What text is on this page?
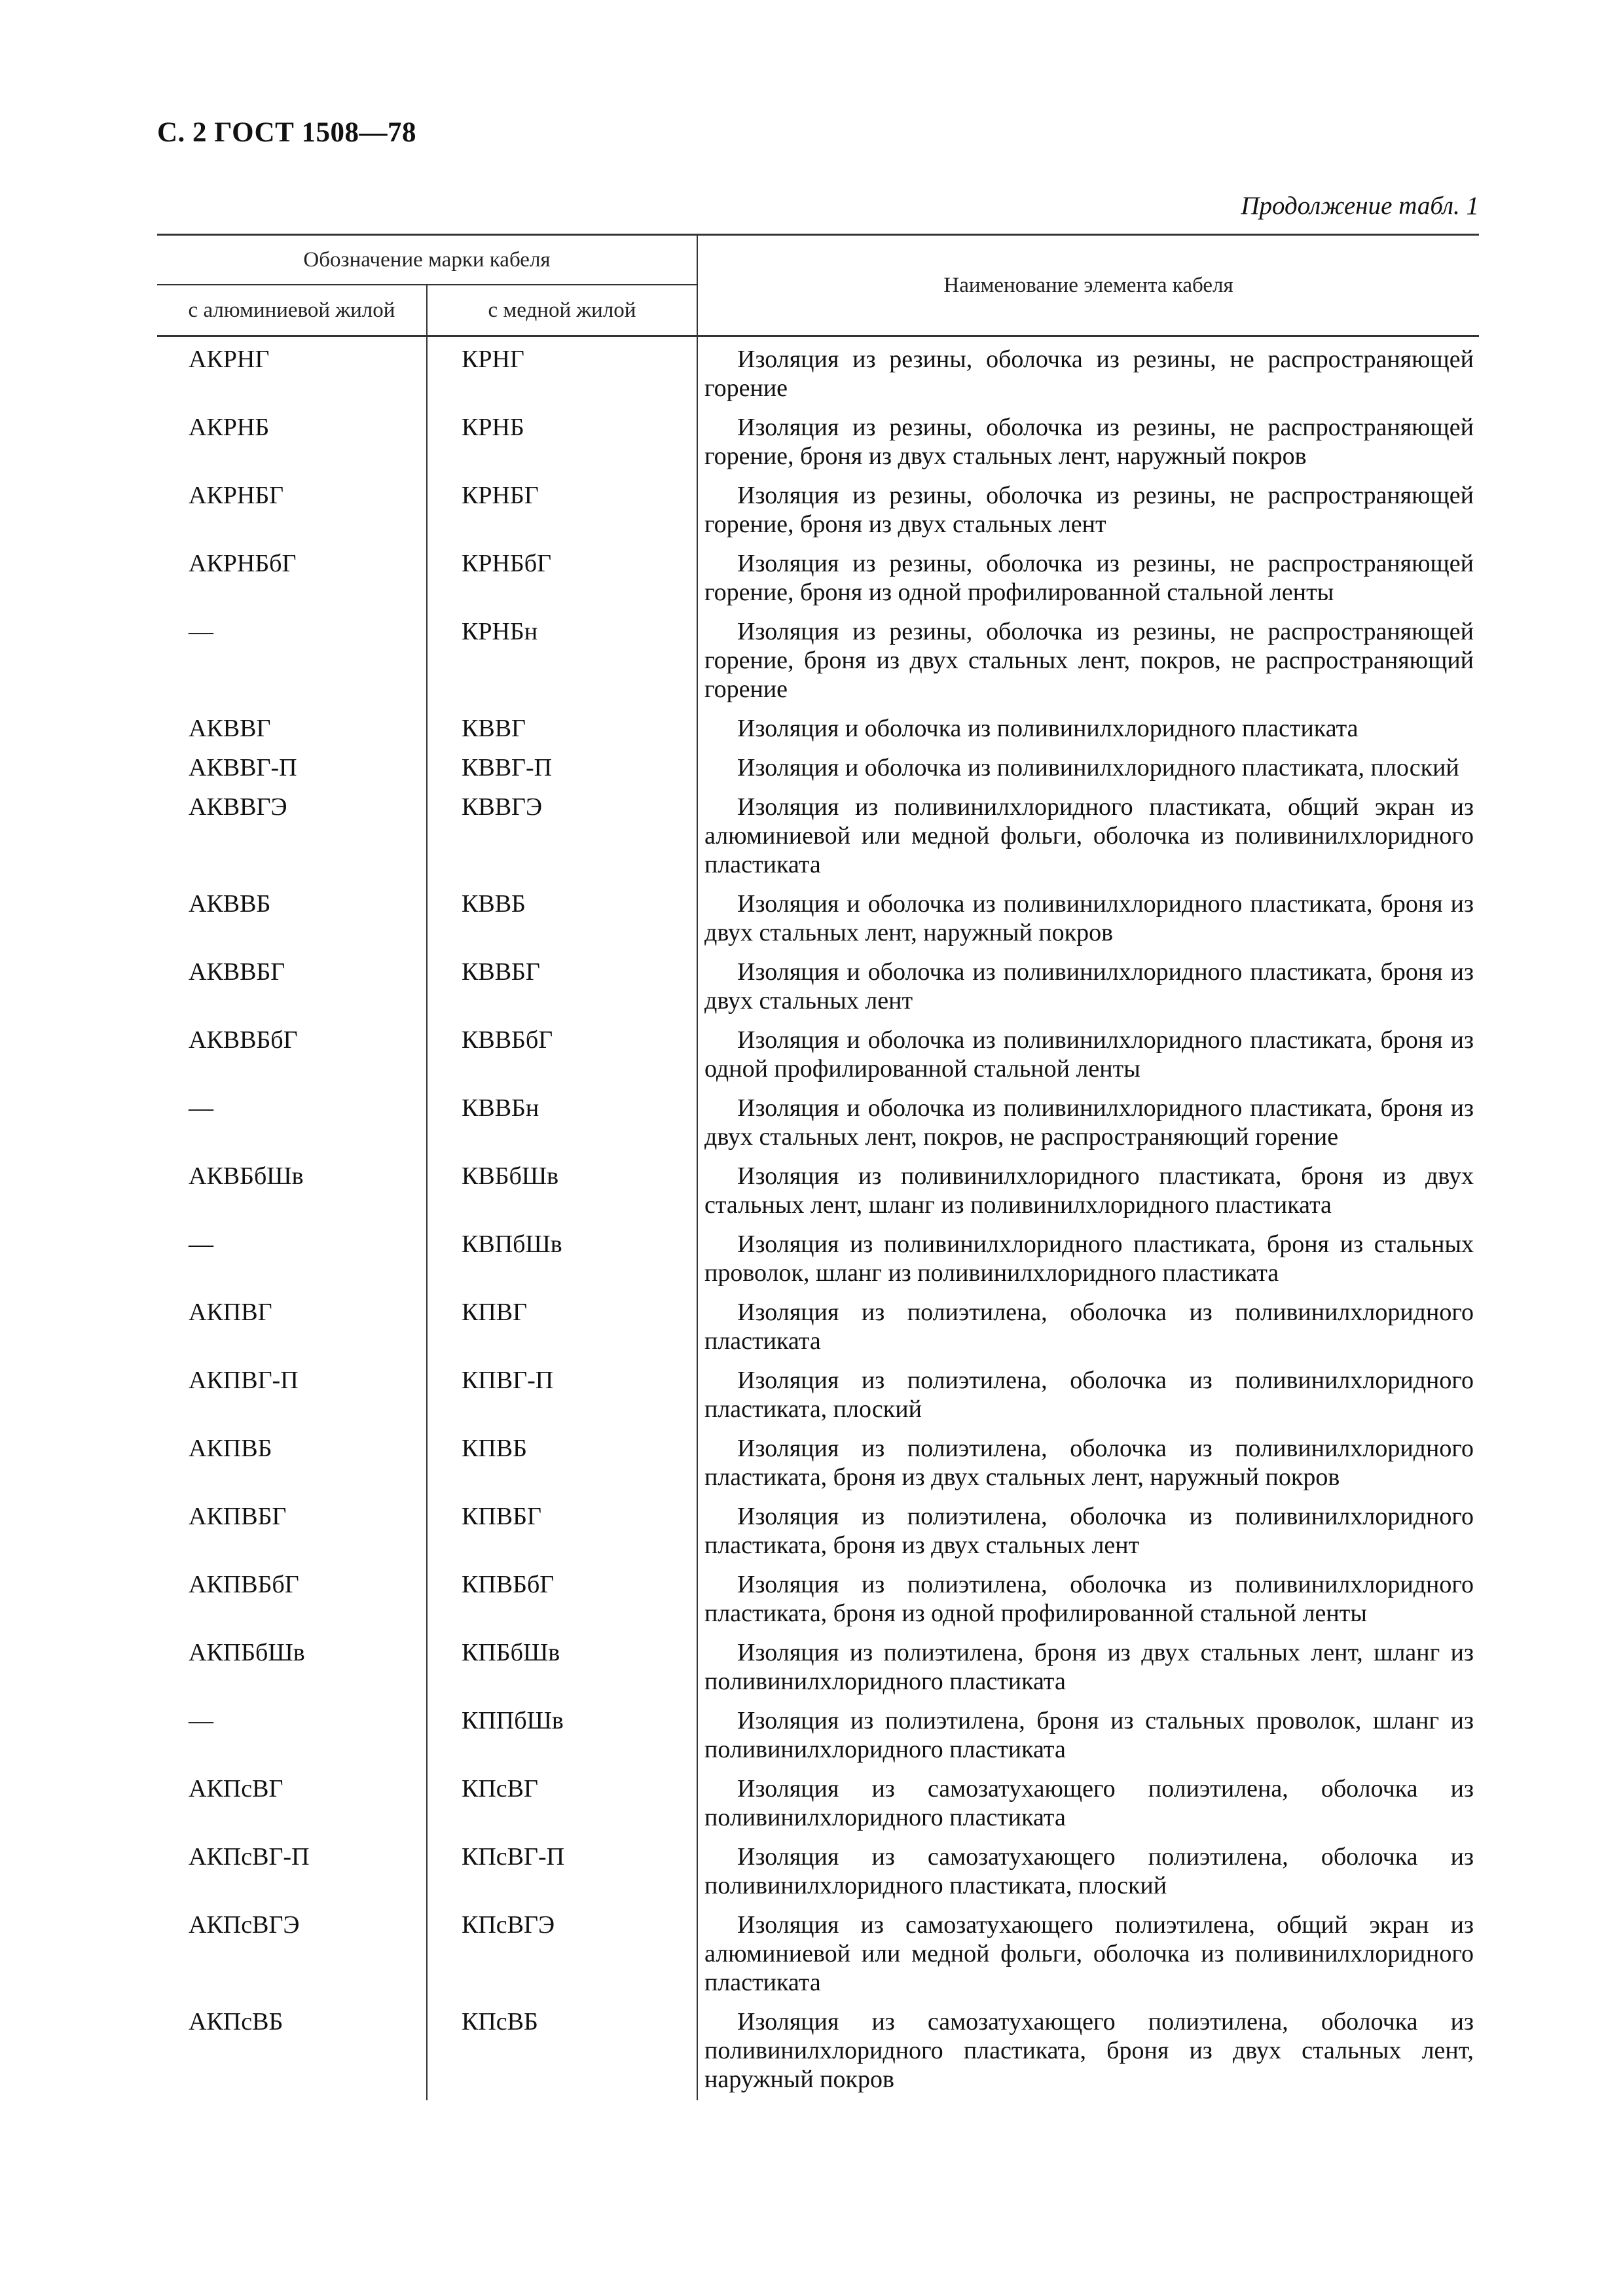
С. 2 ГОСТ 1508—78
Продолжение табл. 1
Обозначение марки кабеля		Наименование элемента кабеля
с алюминиевой жилой	с медной жилой	
АКРНГ	КРНГ	Изоляция из резины, оболочка из резины, не распространяющей горение
АКРНБ	КРНБ	Изоляция из резины, оболочка из резины, не распространяющей горение, броня из двух стальных лент, наружный покров
АКРНБГ	КРНБГ	Изоляция из резины, оболочка из резины, не распространяющей горение, броня из двух стальных лент
АКРНБбГ	КРНБбГ	Изоляция из резины, оболочка из резины, не распространяющей горение, броня из одной профилированной стальной ленты
—	КРНБн	Изоляция из резины, оболочка из резины, не распространяющей горение, броня из двух стальных лент, покров, не распространяющий горение
АКВВГ	КВВГ	Изоляция и оболочка из поливинилхлоридного пластиката
АКВВГ-П	КВВГ-П	Изоляция и оболочка из поливинилхлоридного пластиката, плоский
АКВВГЭ	КВВГЭ	Изоляция из поливинилхлоридного пластиката, общий экран из алюминиевой или медной фольги, оболочка из поливинилхлоридного пластиката
АКВВБ	КВВБ	Изоляция и оболочка из поливинилхлоридного пластиката, броня из двух стальных лент, наружный покров
АКВВБГ	КВВБГ	Изоляция и оболочка из поливинилхлоридного пластиката, броня из двух стальных лент
АКВВБбГ	КВВБбГ	Изоляция и оболочка из поливинилхлоридного пластиката, броня из одной профилированной стальной ленты
—	КВВБн	Изоляция и оболочка из поливинилхлоридного пластиката, броня из двух стальных лент, покров, не распространяющий горение
АКВБбШв	КВБбШв	Изоляция из поливинилхлоридного пластиката, броня из двух стальных лент, шланг из поливинилхлоридного пластиката
—	КВПбШв	Изоляция из поливинилхлоридного пластиката, броня из стальных проволок, шланг из поливинилхлоридного пластиката
АКПВГ	КПВГ	Изоляция из полиэтилена, оболочка из поливинилхлоридного пластиката
АКПВГ-П	КПВГ-П	Изоляция из полиэтилена, оболочка из поливинилхлоридного пластиката, плоский
АКПВБ	КПВБ	Изоляция из полиэтилена, оболочка из поливинилхлоридного пластиката, броня из двух стальных лент, наружный покров
АКПВБГ	КПВБГ	Изоляция из полиэтилена, оболочка из поливинилхлоридного пластиката, броня из двух стальных лент
АКПВБбГ	КПВБбГ	Изоляция из полиэтилена, оболочка из поливинилхлоридного пластиката, броня из одной профилированной стальной ленты
АКПБбШв	КПБбШв	Изоляция из полиэтилена, броня из двух стальных лент, шланг из поливинилхлоридного пластиката
—	КППбШв	Изоляция из полиэтилена, броня из стальных проволок, шланг из поливинилхлоридного пластиката
АКПсВГ	КПсВГ	Изоляция из самозатухающего полиэтилена, оболочка из поливинилхлоридного пластиката
АКПсВГ-П	КПсВГ-П	Изоляция из самозатухающего полиэтилена, оболочка из поливинилхлоридного пластиката, плоский
АКПсВГЭ	КПсВГЭ	Изоляция из самозатухающего полиэтилена, общий экран из алюминиевой или медной фольги, оболочка из поливинилхлоридного пластиката
АКПсВБ	КПсВБ	Изоляция из самозатухающего полиэтилена, оболочка из поливинилхлоридного пластиката, броня из двух стальных лент, наружный покров
